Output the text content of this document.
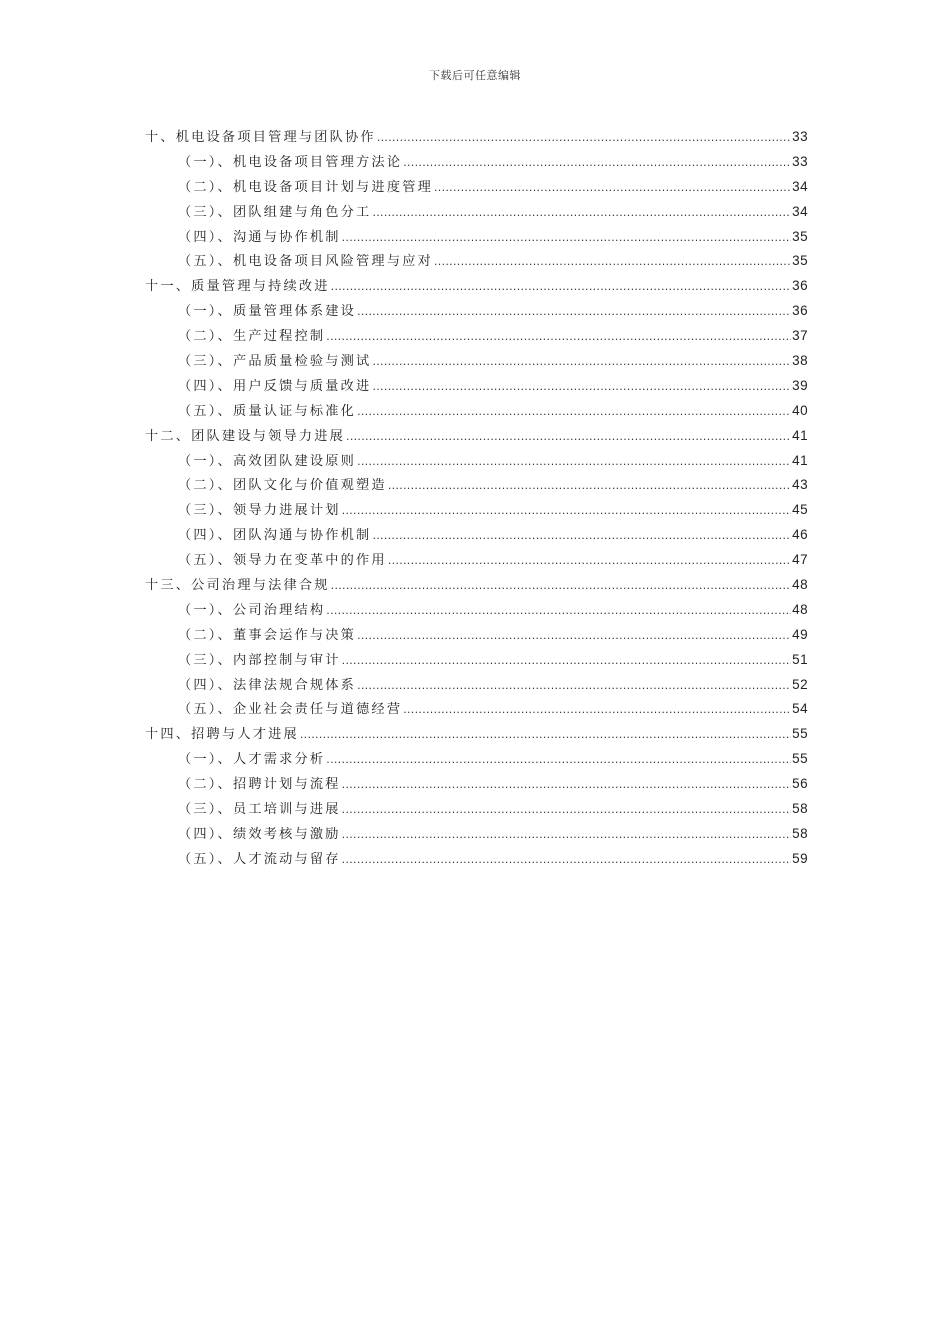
下载后可任意编辑
十、机电设备项目管理与团队协作 .....	33
（一）、机电设备项目管理方法论 .....	33
（二）、机电设备项目计划与进度管理 .....	34
（三）、团队组建与角色分工 .....	34
（四）、沟通与协作机制 .....	35
（五）、机电设备项目风险管理与应对 .....	35
十一、质量管理与持续改进 .....	36
（一）、质量管理体系建设 .....	36
（二）、生产过程控制 .....	37
（三）、产品质量检验与测试 .....	38
（四）、用户反馈与质量改进 .....	39
（五）、质量认证与标准化 .....	40
十二、团队建设与领导力进展 .....	41
（一）、高效团队建设原则 .....	41
（二）、团队文化与价值观塑造 .....	43
（三）、领导力进展计划 .....	45
（四）、团队沟通与协作机制 .....	46
（五）、领导力在变革中的作用 .....	47
十三、公司治理与法律合规 .....	48
（一）、公司治理结构 .....	48
（二）、董事会运作与决策 .....	49
（三）、内部控制与审计 .....	51
（四）、法律法规合规体系 .....	52
（五）、企业社会责任与道德经营 .....	54
十四、招聘与人才进展 .....	55
（一）、人才需求分析 .....	55
（二）、招聘计划与流程 .....	56
（三）、员工培训与进展 .....	58
（四）、绩效考核与激励 .....	58
（五）、人才流动与留存 .....	59
